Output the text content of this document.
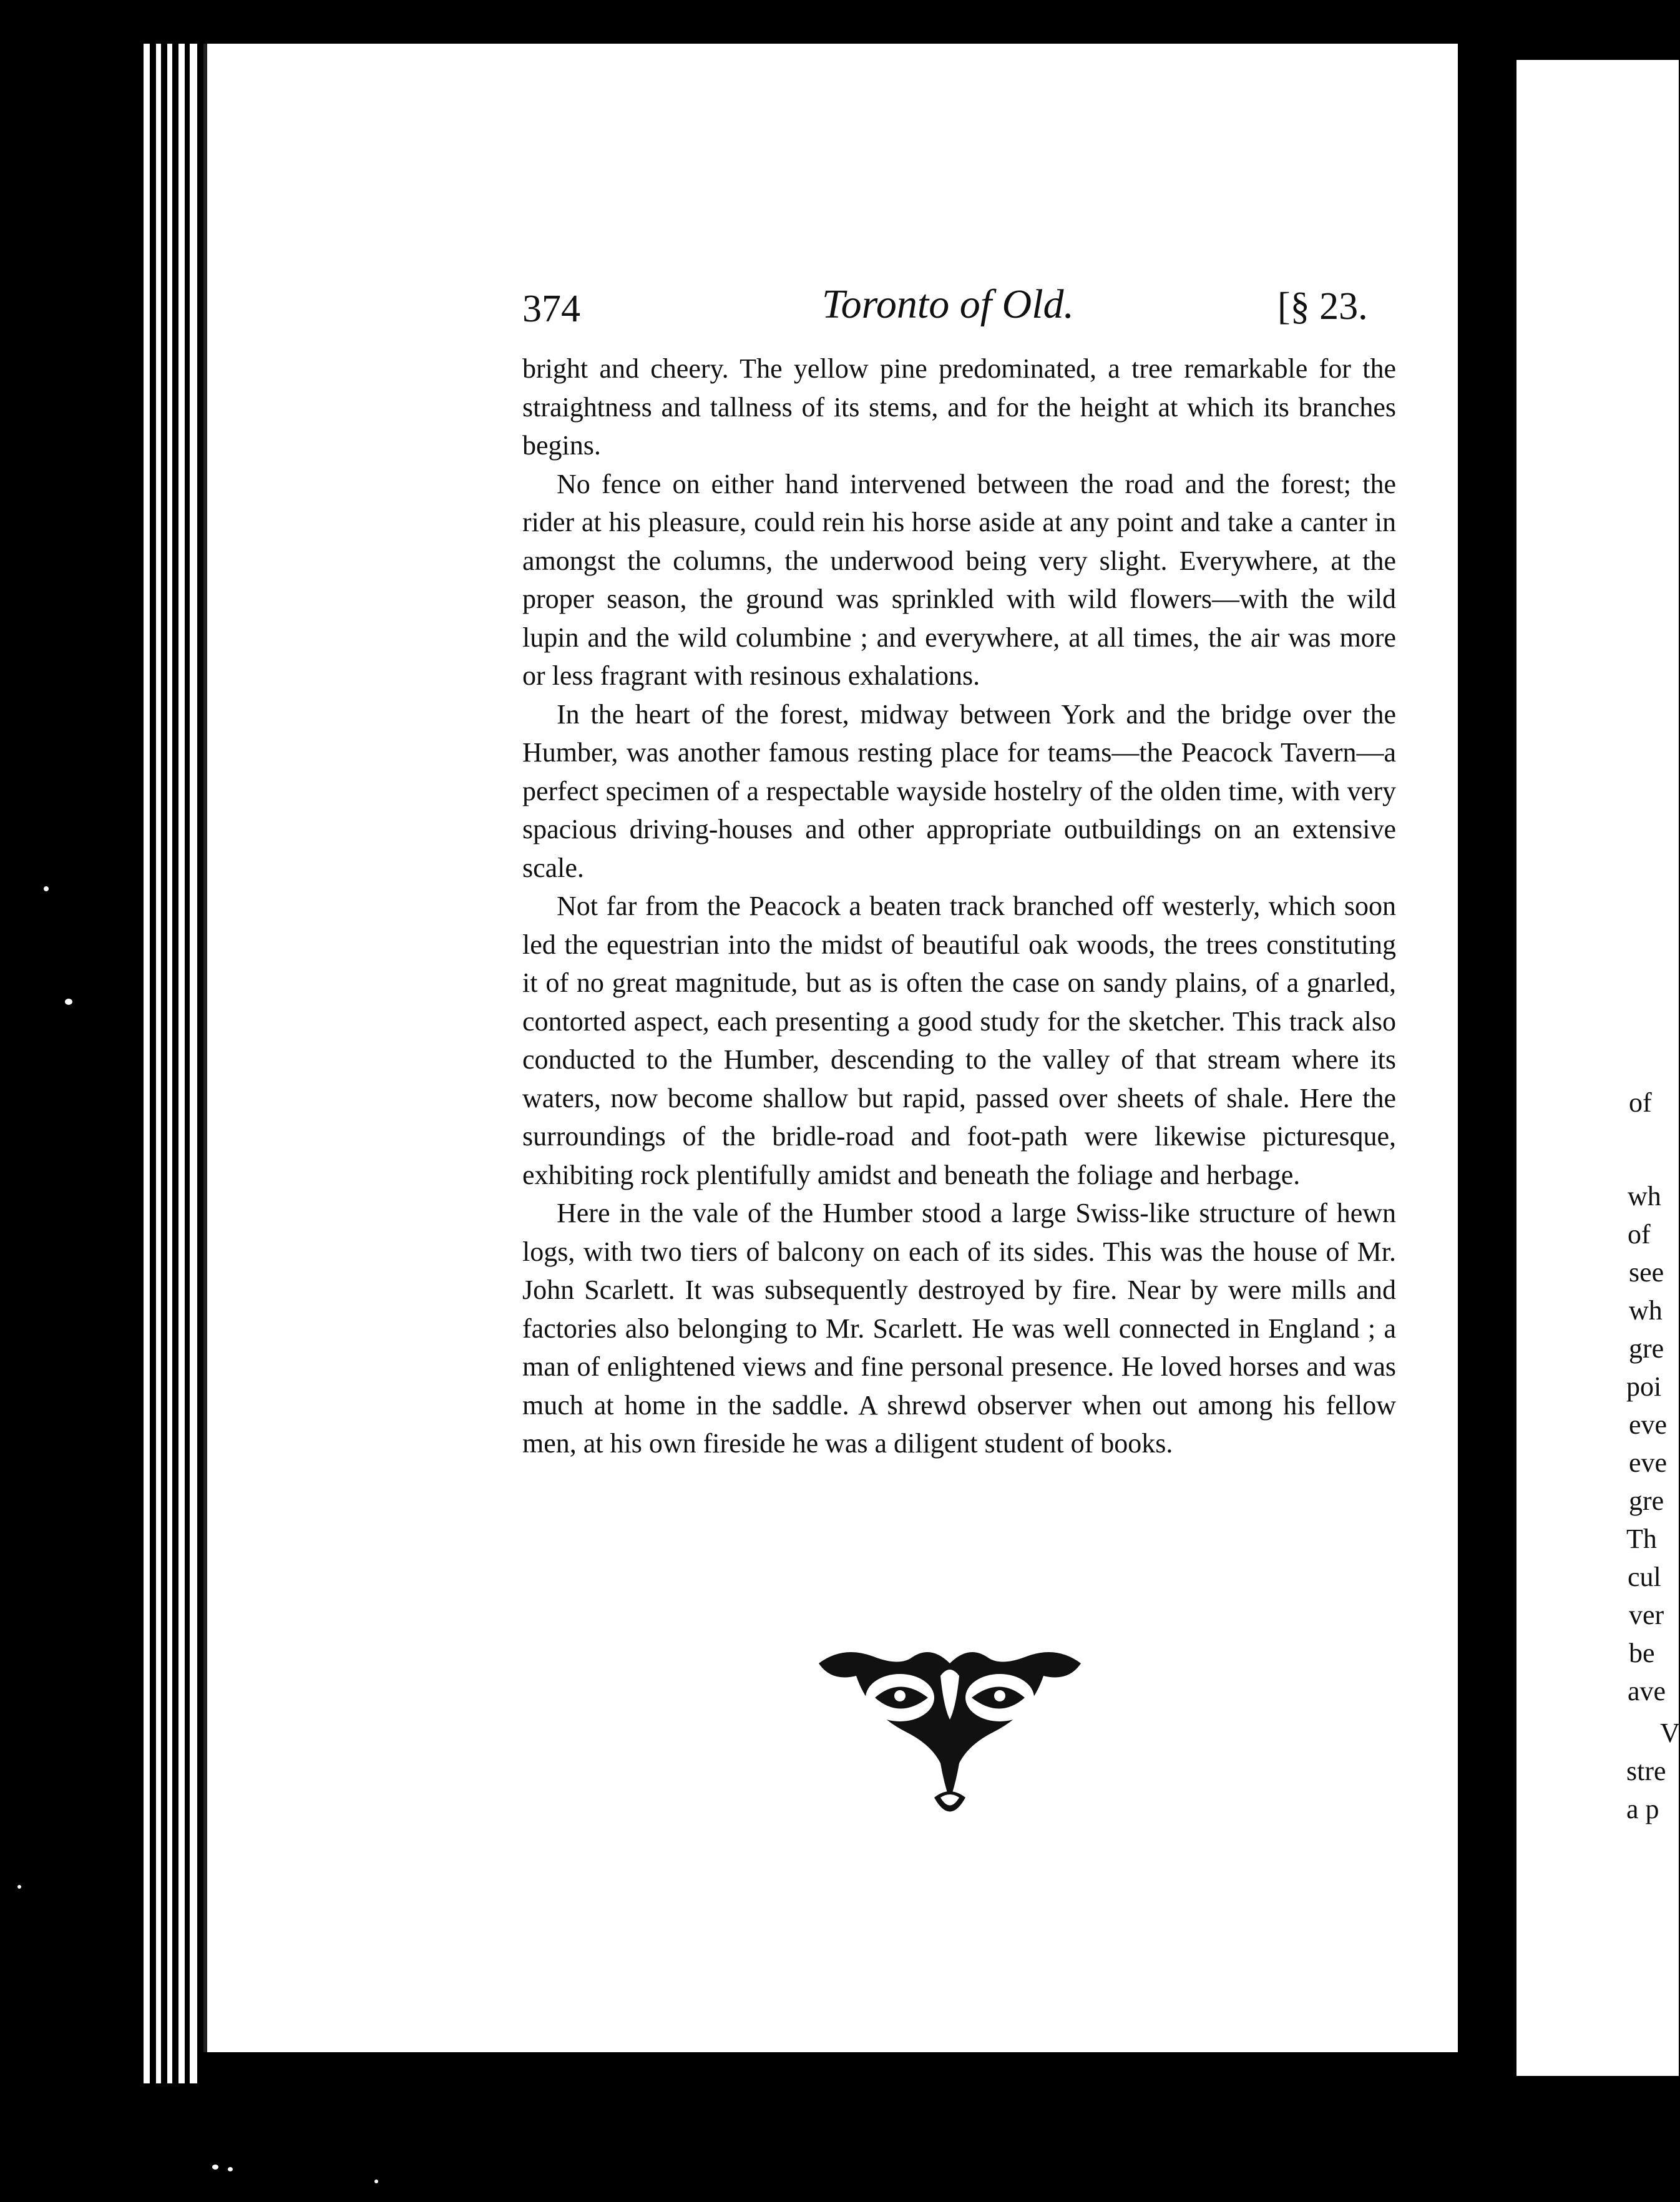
374	Toronto of Old.	[§ 23.

bright and cheery. The yellow pine predominated, a tree remarkable for the straightness and tallness of its stems, and for the height at which its branches begins.

No fence on either hand intervened between the road and the forest; the rider at his pleasure, could rein his horse aside at any point and take a canter in amongst the columns, the underwood being very slight. Everywhere, at the proper season, the ground was sprinkled with wild flowers—with the wild lupin and the wild columbine ; and everywhere, at all times, the air was more or less fragrant with resinous exhalations.

In the heart of the forest, midway between York and the bridge over the Humber, was another famous resting place for teams—the Peacock Tavern—a perfect specimen of a respectable wayside hostelry of the olden time, with very spacious driving-houses and other appropriate outbuildings on an extensive scale.

Not far from the Peacock a beaten track branched off westerly, which soon led the equestrian into the midst of beautiful oak woods, the trees constituting it of no great magnitude, but as is often the case on sandy plains, of a gnarled, contorted aspect, each presenting a good study for the sketcher. This track also conducted to the Humber, descending to the valley of that stream where its waters, now become shallow but rapid, passed over sheets of shale. Here the surroundings of the bridle-road and foot-path were likewise picturesque, exhibiting rock plentifully amidst and beneath the foliage and herbage.

Here in the vale of the Humber stood a large Swiss-like structure of hewn logs, with two tiers of balcony on each of its sides. This was the house of Mr. John Scarlett. It was subsequently destroyed by fire. Near by were mills and factories also belonging to Mr. Scarlett. He was well connected in England ; a man of enlightened views and fine personal presence. He loved horses and was much at home in the saddle. A shrewd observer when out among his fellow men, at his own fireside he was a diligent student of books.

of
wh
of
see
wh
gre
poi
eve
eve
gre
Th
cul
ver
be
ave
V
stre
a p
